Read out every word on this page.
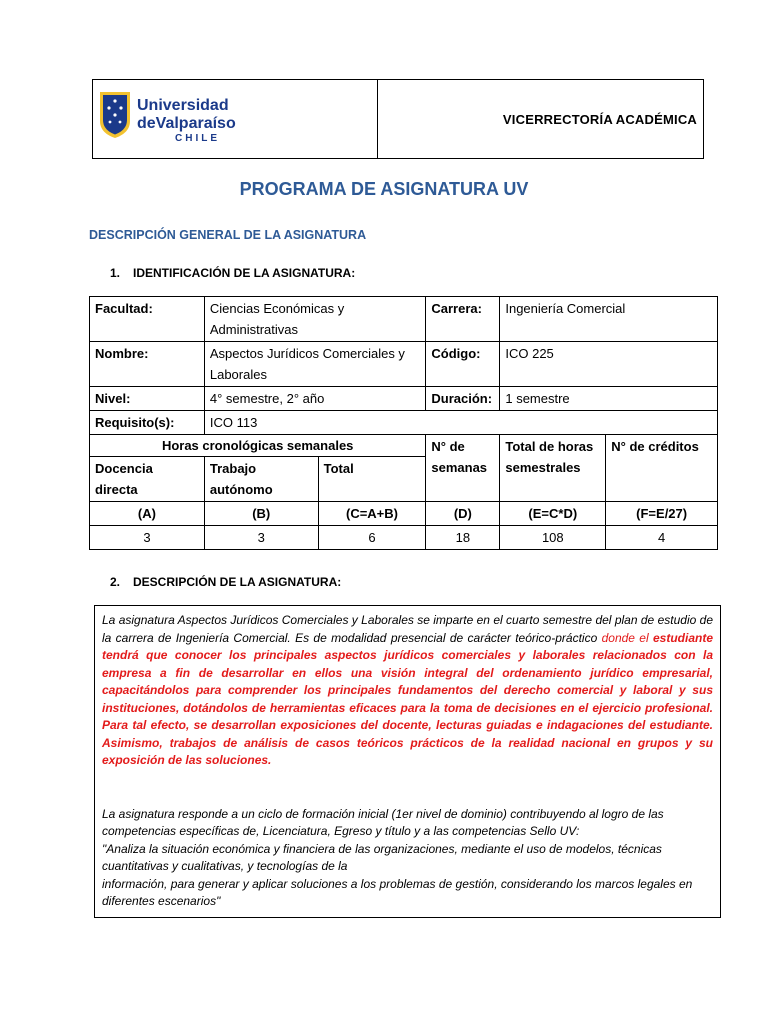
Universidad
deValparaíso
CHILE
VICERRECTORÍA ACADÉMICA
PROGRAMA DE ASIGNATURA UV
DESCRIPCIÓN GENERAL DE LA ASIGNATURA
1. IDENTIFICACIÓN DE LA ASIGNATURA:
Facultad:	Ciencias Económicas y Administrativas		Carrera:	Ingeniería Comercial	
Nombre:	Aspectos Jurídicos Comerciales y Laborales		Código:	ICO 225	
Nivel:	4° semestre, 2° año		Duración:	1 semestre	
Requisito(s):	ICO 113				
Horas cronológicas semanales			N° de semanas	Total de horas semestrales	N° de créditos
Docencia directa	Trabajo autónomo	Total			
(A)	(B)	(C=A+B)	(D)	(E=C*D)	(F=E/27)
3	3	6	18	108	4
2. DESCRIPCIÓN DE LA ASIGNATURA:
La asignatura Aspectos Jurídicos Comerciales y Laborales se imparte en el cuarto semestre del plan de estudio de la carrera de Ingeniería Comercial. Es de modalidad presencial de carácter teórico-práctico donde el estudiante tendrá que conocer los principales aspectos jurídicos comerciales y laborales relacionados con la empresa a fin de desarrollar en ellos una visión integral del ordenamiento jurídico empresarial, capacitándolos para comprender los principales fundamentos del derecho comercial y laboral y sus instituciones, dotándolos de herramientas eficaces para la toma de decisiones en el ejercicio profesional. Para tal efecto, se desarrollan exposiciones del docente, lecturas guiadas e indagaciones del estudiante. Asimismo, trabajos de análisis de casos teóricos prácticos de la realidad nacional en grupos y su exposición de las soluciones.
La asignatura responde a un ciclo de formación inicial (1er nivel de dominio) contribuyendo al logro de las competencias específicas de, Licenciatura, Egreso y título y a las competencias Sello UV:
"Analiza la situación económica y financiera de las organizaciones, mediante el uso de modelos, técnicas cuantitativas y cualitativas, y tecnologías de la
información, para generar y aplicar soluciones a los problemas de gestión, considerando los marcos legales en diferentes escenarios"
